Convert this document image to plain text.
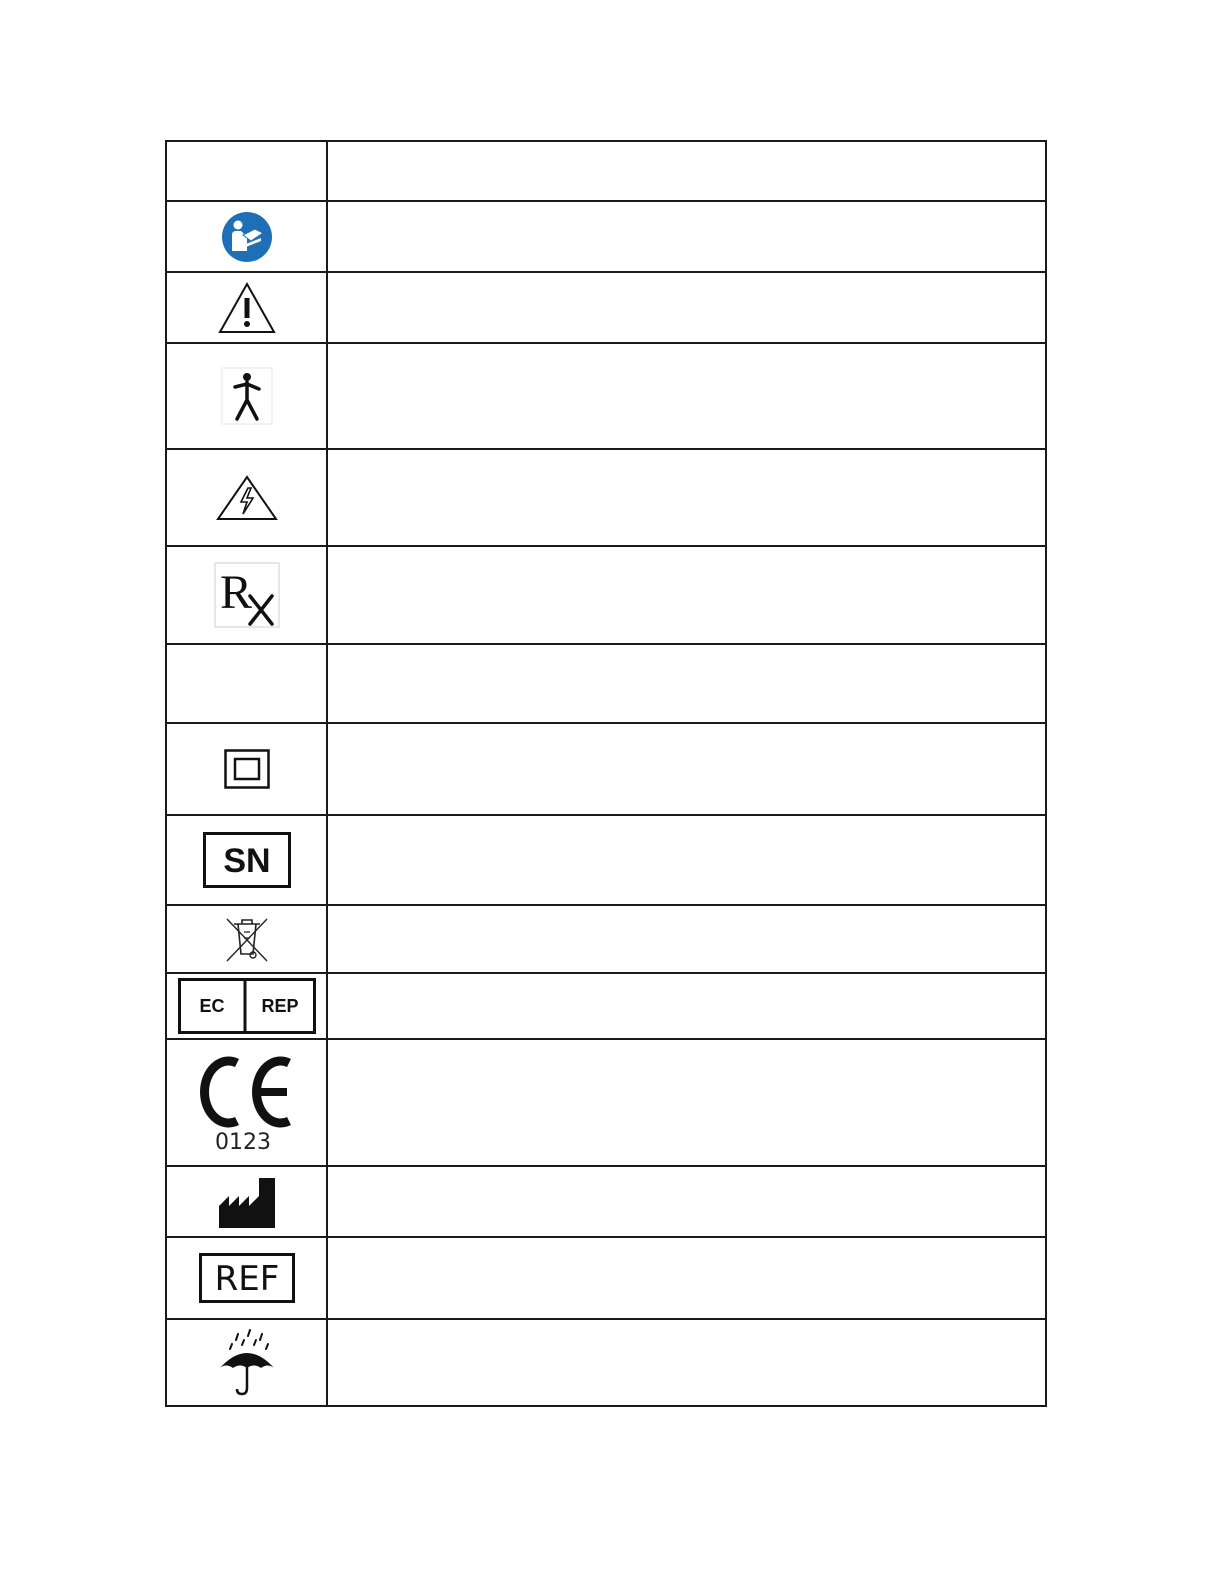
R	

SN	

EC REP	

0123	

REF	
